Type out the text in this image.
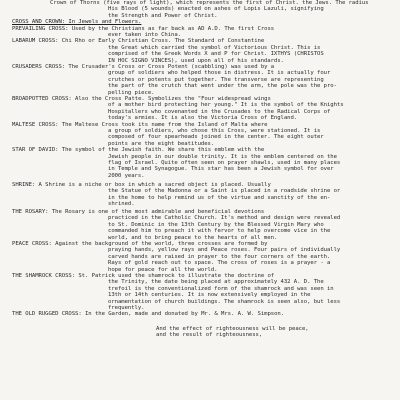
Crown of Thorns (five rays of light), which represents the first of Christ. the Jews. The radius
His Blood (5 wounds) enacted on ashes of Lopis Lazuli, signifying
the Strength and Power of Christ.
CROSS AND CROWN: In Jewels and Flowers.
PREVAILING CROSS: Used by the Christians as far back as AD A.D. The first Cross
ever taken into China.
LABARUM CROSS: Chi Rho or Early Christian Cross. The Standard of Constantine
the Great which carried the symbol of Victorious Christ. This is
comprised of the Greek Words X and P for Christ. IXTHYS (CHRISTOS
IN HOC SIGNO VINCES), used upon all of his standards.
CRUSADERS CROSS: The Crusader's Cross or Cross Potent (scabbling) was used by a
group of soldiers who helped those in distress. It is actually four
crutches or potents put together. The transverse are representing
the part of the crutch that went under the arm, the pole was the pro-
pelling piece.
BROADPOTTED CROSS: Also the Cross Patte. Symbolizes the "Four widespread wings
of a mother bird protecting her young." It is the symbol of the Knights
Hospitallers who covenanted in the Crusades to the Radical Corps of
today's armies. It is also the Victoria Cross of England.
MALTESE CROSS: The Maltese Cross took its name from the Island of Malta where
a group of soldiers, who chose this Cross, were stationed. It is
composed of four spearheads joined in the center. The eight outer
points are the eight beatitudes.
STAR OF DAVID: The symbol of the Jewish faith. We share this emblem with the
Jewish people in our double trinity. It is the emblem centered on the
flag of Israel. Quite often seen on prayer shawls, used in many places
in Temple and Synagogue. This star has been a Jewish symbol for over
2000 years.
SHRINE: A Shrine is a niche or box in which a sacred object is placed. Usually
the Statue of the Madonna or a Saint is placed in a roadside shrine or
in the home to help remind us of the virtue and sanctity of the en-
shrined.
THE ROSARY: The Rosary is one of the most admirable and beneficial devotions
practiced in the Catholic Church. It's method and design were revealed
to St. Dominic in the 13th Century by the Blessed Virgin Mary who
commanded him to preach it with fervor to help overcome vice in the
world, and to bring peace to the hearts of all men.
PEACE CROSS: Against the background of the world, three crosses are formed by
praying hands, yellow rays and Peace roses. Four pairs of individually
carved hands are raised in prayer to the four corners of the earth.
Rays of gold reach out to space. The cross of roses is a prayer - a
hope for peace for all the world.
THE SHAMROCK CROSS: St. Patrick used the shamrock to illustrate the doctrine of
the Trinity, the date being placed at approximately 432 A. D. The
trefoil is the conventionalized form of the shamrock and was seen in
13th or 14th centuries. It is now extensively employed in the
ornamentation of church buildings. The shamrock is seen also, but less
frequently.
THE OLD RUGGED CROSS: In the Garden, made and donated by Mr. & Mrs. A. W. Simpson.
And the effect of righteousness will be peace,
and the result of righteousness,
